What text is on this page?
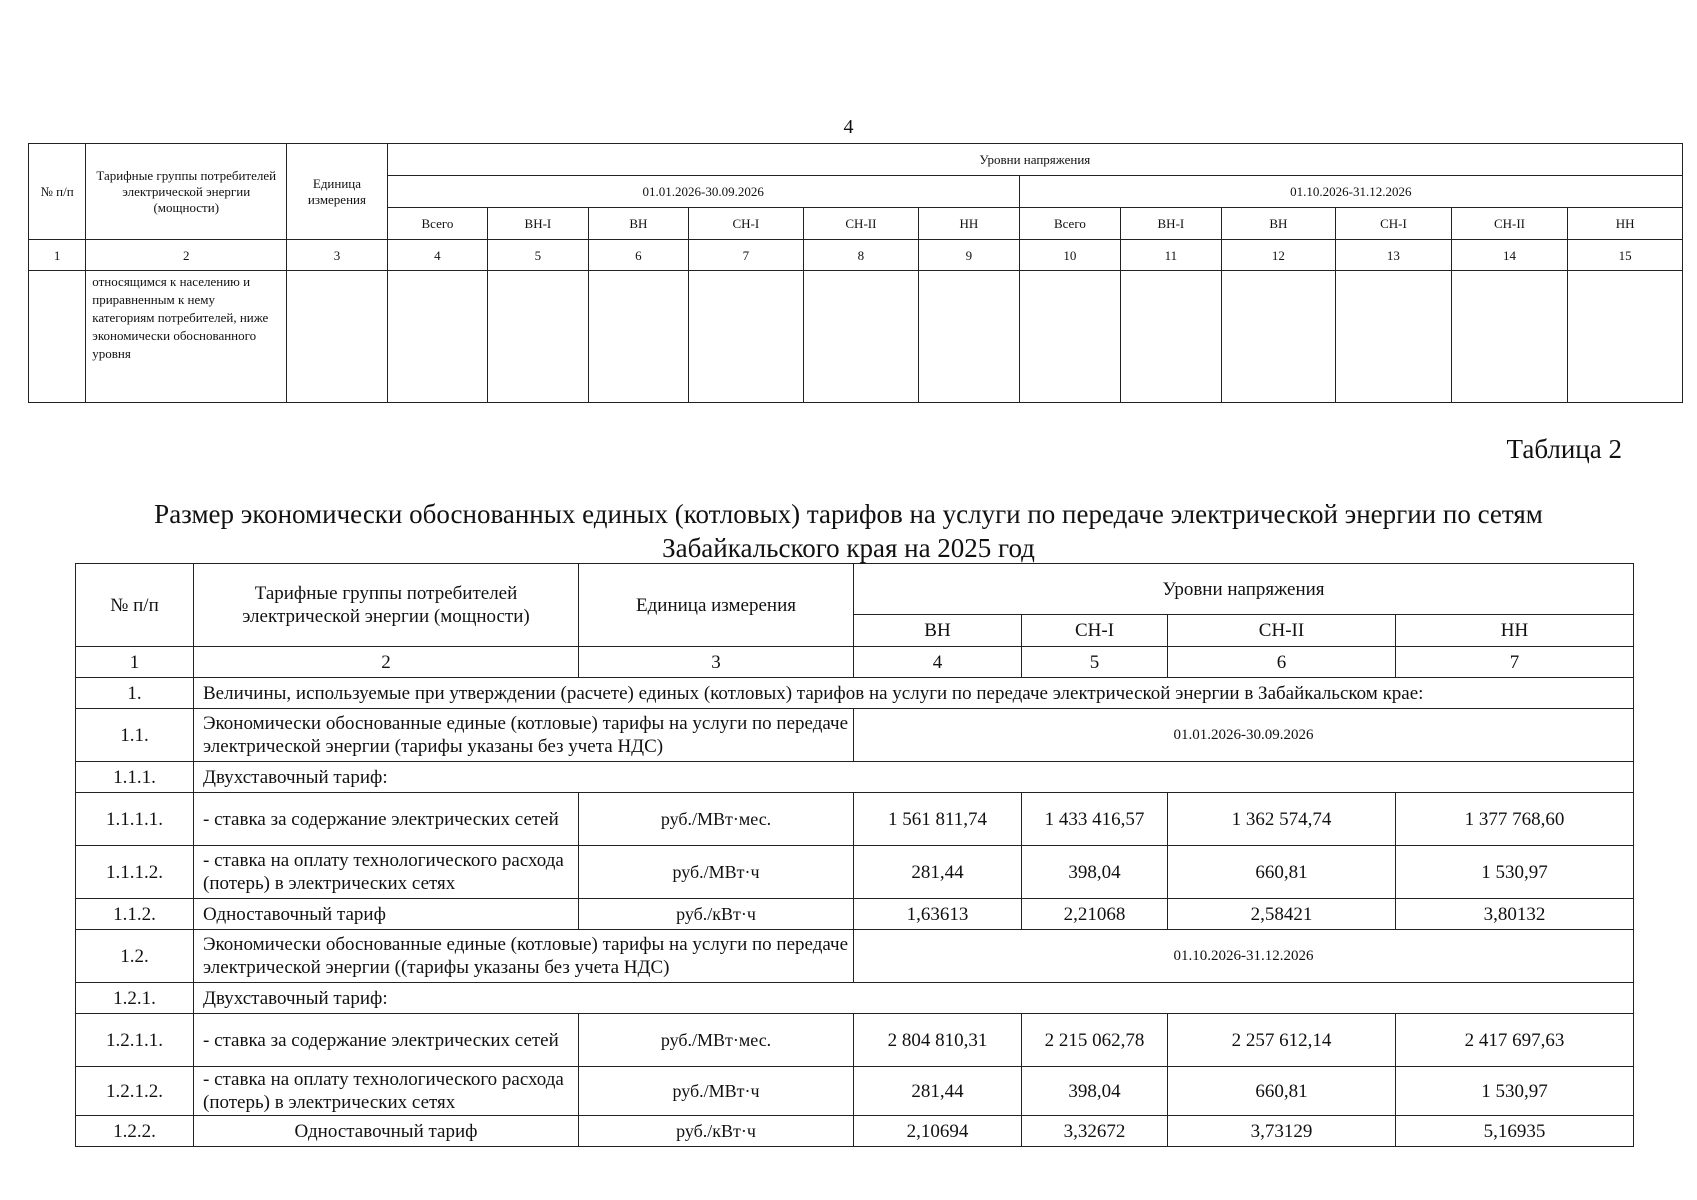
4
№ п/п	Тарифные группы потребителей электрической энергии (мощности)	Единица измерения	Уровни напряжения											
			01.01.2026-30.09.2026						01.10.2026-31.12.2026					
			Всего	ВН-I	ВН	СН-I	СН-II	НН	Всего	ВН-I	ВН	СН-I	СН-II	НН
1	2	3	4	5	6	7	8	9	10	11	12	13	14	15
	относящимся к населению и приравненным к нему категориям потребителей, ниже экономически обоснованного уровня													
Таблица 2
Размер экономически обоснованных единых (котловых) тарифов на услуги по передаче электрической энергии по сетям Забайкальского края на 2025 год
№ п/п	Тарифные группы потребителей электрической энергии (мощности)	Единица измерения	Уровни напряжения			
			ВН	СН-I	СН-II	НН
1	2	3	4	5	6	7
1.	Величины, используемые при утверждении (расчете) единых (котловых) тарифов на услуги по передаче электрической энергии в Забайкальском крае:					
1.1.	Экономически обоснованные единые (котловые) тарифы на услуги по передаче электрической энергии (тарифы указаны без учета НДС)		01.01.2026-30.09.2026			
1.1.1.	Двухставочный тариф:					
1.1.1.1.	- ставка за содержание электрических сетей	руб./МВт·мес.	1 561 811,74	1 433 416,57	1 362 574,74	1 377 768,60
1.1.1.2.	- ставка на оплату технологического расхода (потерь) в электрических сетях	руб./МВт·ч	281,44	398,04	660,81	1 530,97
1.1.2.	Одноставочный тариф	руб./кВт·ч	1,63613	2,21068	2,58421	3,80132
1.2.	Экономически обоснованные единые (котловые) тарифы на услуги по передаче электрической энергии ((тарифы указаны без учета НДС)		01.10.2026-31.12.2026			
1.2.1.	Двухставочный тариф:					
1.2.1.1.	- ставка за содержание электрических сетей	руб./МВт·мес.	2 804 810,31	2 215 062,78	2 257 612,14	2 417 697,63
1.2.1.2.	- ставка на оплату технологического расхода (потерь) в электрических сетях	руб./МВт·ч	281,44	398,04	660,81	1 530,97
1.2.2.	Одноставочный тариф	руб./кВт·ч	2,10694	3,32672	3,73129	5,16935
